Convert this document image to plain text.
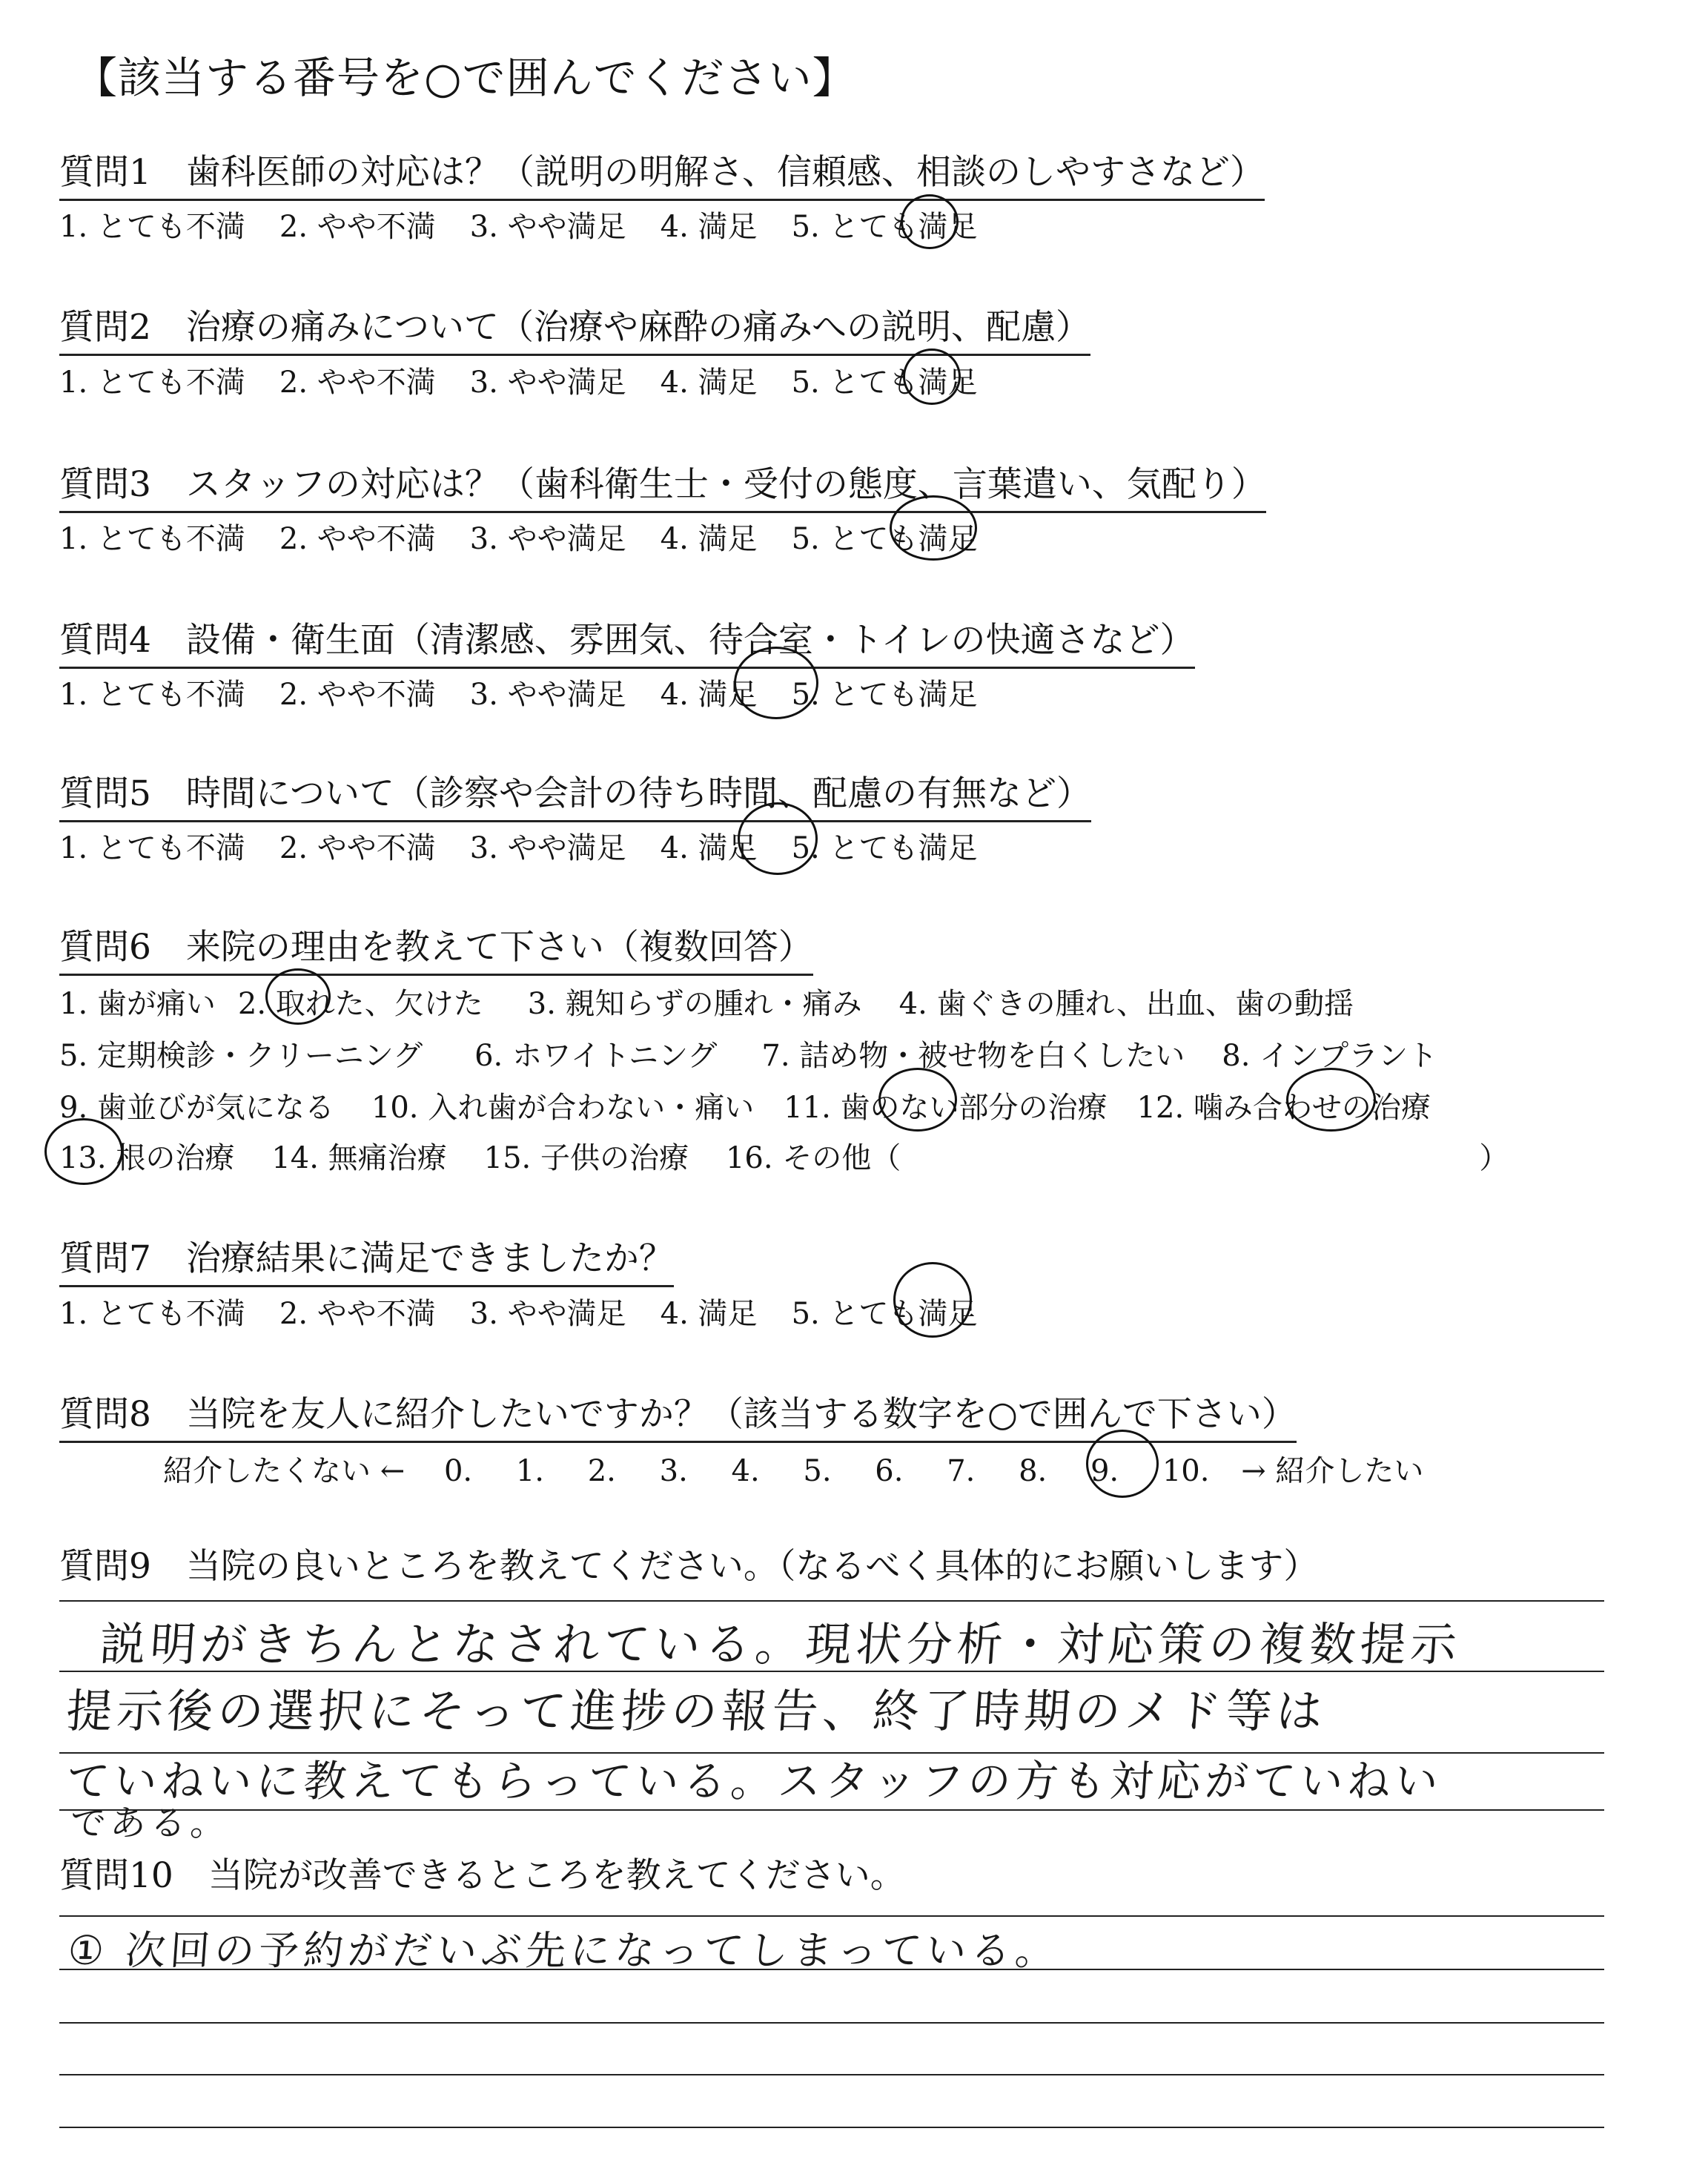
【該当する番号を○で囲んでください】
質問1　歯科医師の対応は？（説明の明解さ、信頼感、相談のしやすさなど）
1. とても不満 2. やや不満 3. やや満足 4. 満足 5. とても満足
質問2　治療の痛みについて（治療や麻酔の痛みへの説明、配慮）
1. とても不満 2. やや不満 3. やや満足 4. 満足 5. とても満足
質問3　スタッフの対応は？（歯科衛生士・受付の態度、言葉遣い、気配り）
1. とても不満 2. やや不満 3. やや満足 4. 満足 5. とても満足
質問4　設備・衛生面（清潔感、雰囲気、待合室・トイレの快適さなど）
1. とても不満 2. やや不満 3. やや満足 4. 満足 5. とても満足
質問5　時間について（診察や会計の待ち時間、配慮の有無など）
1. とても不満 2. やや不満 3. やや満足 4. 満足 5. とても満足
質問6　来院の理由を教えて下さい（複数回答）
1. 歯が痛い 2. 取れた、欠けた 3. 親知らずの腫れ・痛み 4. 歯ぐきの腫れ、出血、歯の動揺
5. 定期検診・クリーニング 6. ホワイトニング 7. 詰め物・被せ物を白くしたい 8. インプラント
9. 歯並びが気になる 10. 入れ歯が合わない・痛い 11. 歯のない部分の治療 12. 噛み合わせの治療
13. 根の治療 14. 無痛治療 15. 子供の治療 16. その他（	）
質問7　治療結果に満足できましたか？
1. とても不満 2. やや不満 3. やや満足 4. 満足 5. とても満足
質問8　当院を友人に紹介したいですか？（該当する数字を○で囲んで下さい）
紹介したくない ← 0. 1. 2. 3. 4. 5. 6. 7. 8. 9. 10. → 紹介したい
質問9　当院の良いところを教えてください。（なるべく具体的にお願いします）
説明がきちんとなされている。現状分析・対応策の複数提示
提示後の選択にそって進捗の報告、終了時期のメド等は
ていねいに教えてもらっている。スタッフの方も対応がていねい
である。
質問10　当院が改善できるところを教えてください。
① 次回の予約がだいぶ先になってしまっている。
